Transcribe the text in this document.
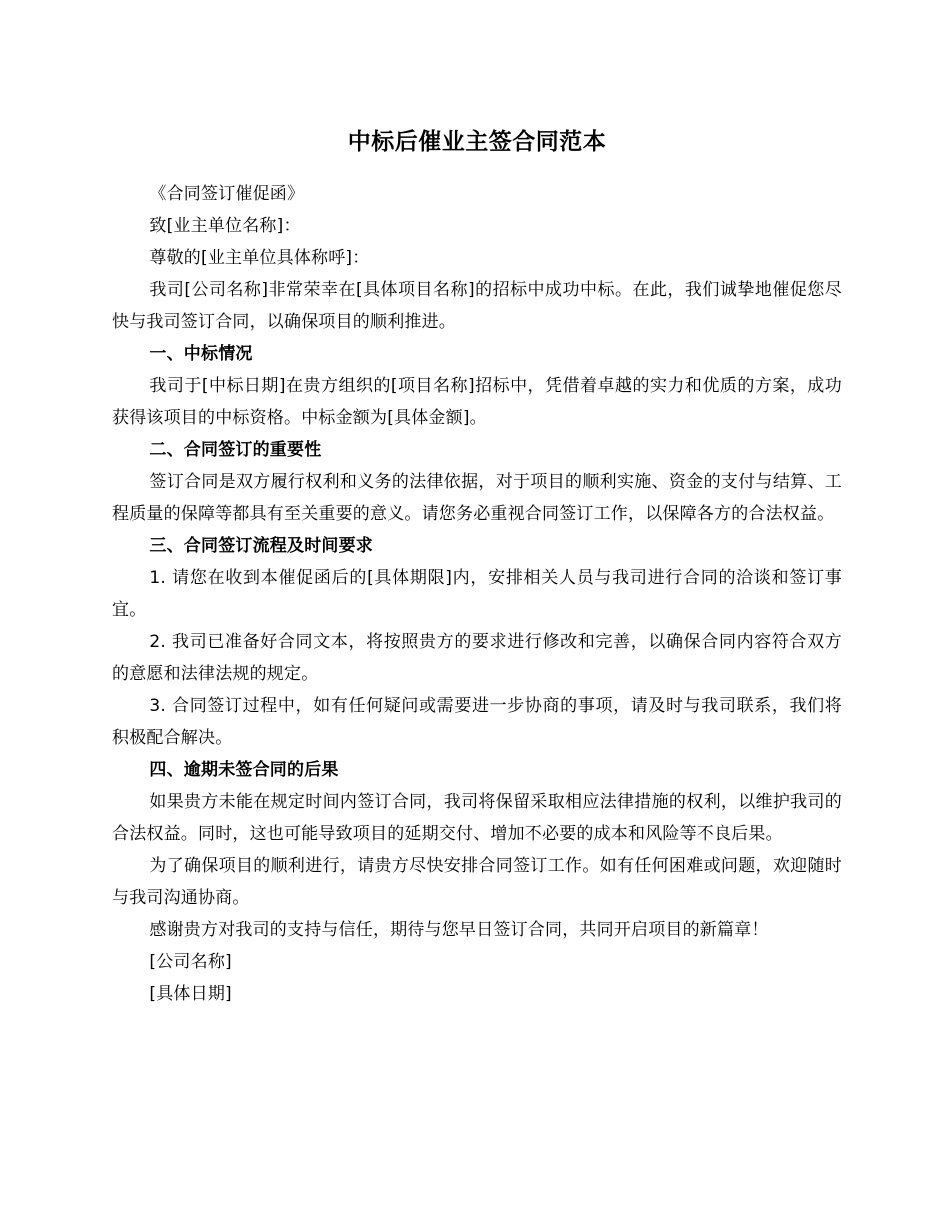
中标后催业主签合同范本

《合同签订催促函》

致[业主单位名称]：

尊敬的[业主单位具体称呼]：

我司[公司名称]非常荣幸在[具体项目名称]的招标中成功中标。在此，我们诚挚地催促您尽快与我司签订合同，以确保项目的顺利推进。

一、中标情况

我司于[中标日期]在贵方组织的[项目名称]招标中，凭借着卓越的实力和优质的方案，成功获得该项目的中标资格。中标金额为[具体金额]。

二、合同签订的重要性

签订合同是双方履行权利和义务的法律依据，对于项目的顺利实施、资金的支付与结算、工程质量的保障等都具有至关重要的意义。请您务必重视合同签订工作，以保障各方的合法权益。

三、合同签订流程及时间要求

1. 请您在收到本催促函后的[具体期限]内，安排相关人员与我司进行合同的洽谈和签订事宜。

2. 我司已准备好合同文本，将按照贵方的要求进行修改和完善，以确保合同内容符合双方的意愿和法律法规的规定。

3. 合同签订过程中，如有任何疑问或需要进一步协商的事项，请及时与我司联系，我们将积极配合解决。

四、逾期未签合同的后果

如果贵方未能在规定时间内签订合同，我司将保留采取相应法律措施的权利，以维护我司的合法权益。同时，这也可能导致项目的延期交付、增加不必要的成本和风险等不良后果。

为了确保项目的顺利进行，请贵方尽快安排合同签订工作。如有任何困难或问题，欢迎随时与我司沟通协商。

感谢贵方对我司的支持与信任，期待与您早日签订合同，共同开启项目的新篇章！

[公司名称]

[具体日期]
